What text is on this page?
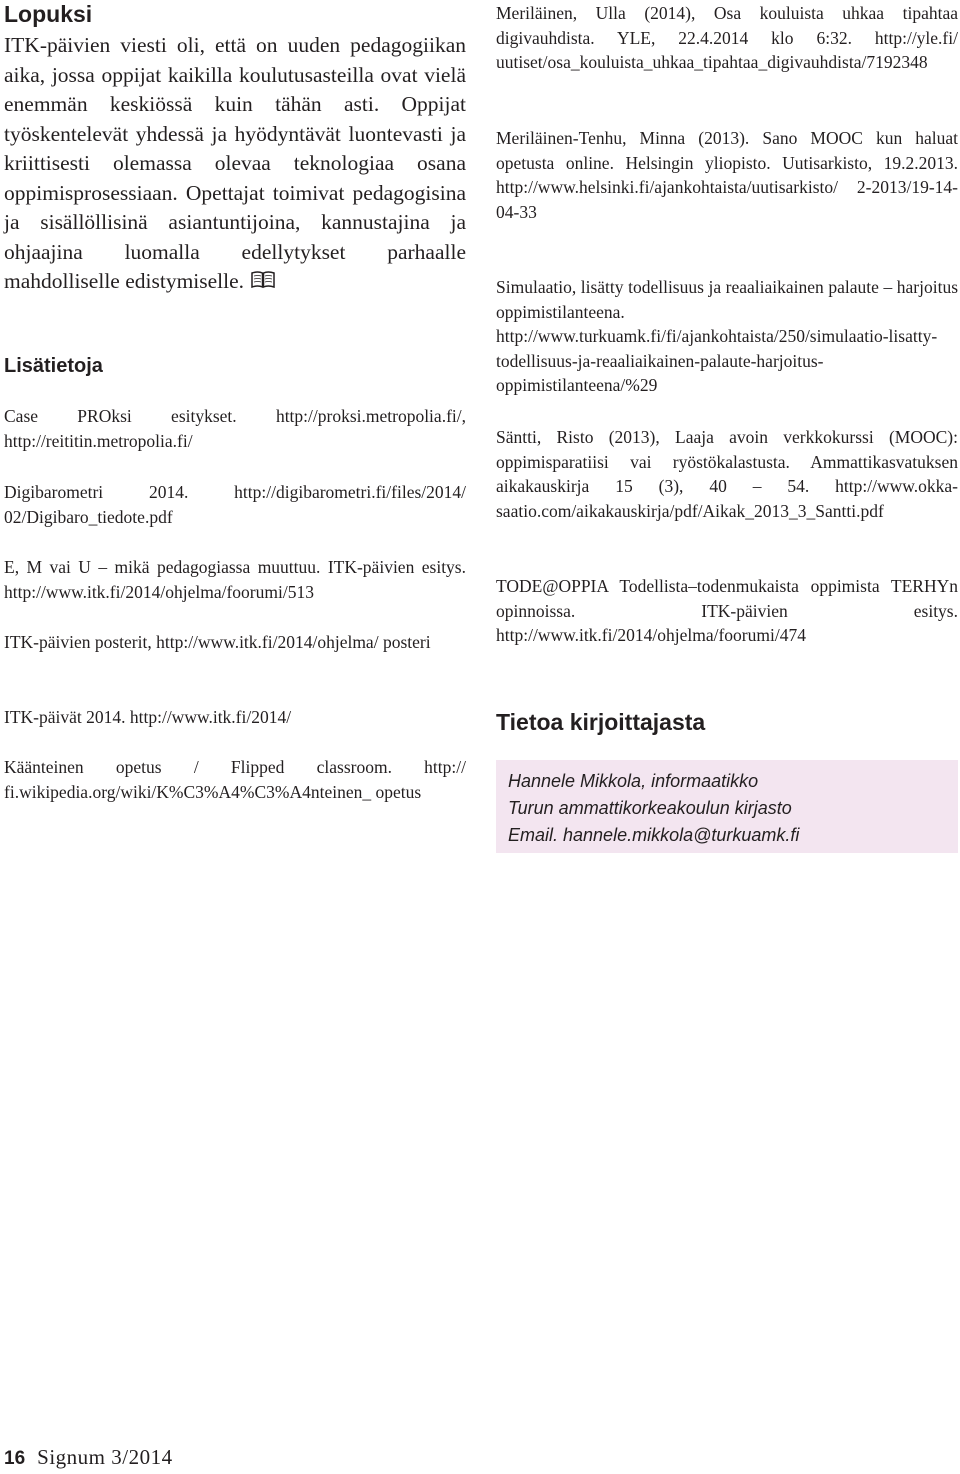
Lopuksi

ITK-päivien viesti oli, että on uuden pedagogiikan aika, jossa oppijat kaikilla koulutusasteilla ovat vielä enemmän keskiössä kuin tähän asti. Oppijat työskentelevät yhdessä ja hyödyntävät luontevasti ja kriittisesti olemassa olevaa teknologiaa osana oppimisprosessiaan. Opettajat toimivat pedagogisina ja sisällöllisinä asiantuntijoina, kannustajina ja ohjaajina luomalla edellytykset parhaalle mahdolliselle edistymiselle.

Lisätietoja

Case PROksi esitykset. http://proksi.metropolia.fi/, http://reititin.metropolia.fi/

Digibarometri 2014. http://digibarometri.fi/files/2014/ 02/Digibaro_tiedote.pdf

E, M vai U – mikä pedagogiassa muuttuu. ITK-päivien esitys. http://www.itk.fi/2014/ohjelma/foorumi/513

ITK-päivien posterit, http://www.itk.fi/2014/ohjelma/ posteri

ITK-päivät 2014. http://www.itk.fi/2014/

Käänteinen opetus / Flipped classroom. http:// fi.wikipedia.org/wiki/K%C3%A4%C3%A4nteinen_ opetus

Meriläinen, Ulla (2014), Osa kouluista uhkaa tipahtaa digivauhdista. YLE, 22.4.2014 klo 6:32. http://yle.fi/ uutiset/osa_kouluista_uhkaa_tipahtaa_digivauhdista/7192348

Meriläinen-Tenhu, Minna (2013). Sano MOOC kun haluat opetusta online. Helsingin yliopisto. Uutisarkisto, 19.2.2013. http://www.helsinki.fi/ajankohtaista/uutisarkisto/ 2-2013/19-14-04-33

Simulaatio, lisätty todellisuus ja reaaliaikainen palaute – harjoitus oppimistilanteena. http://www.turkuamk.fi/fi/ajankohtaista/250/simulaatio-lisatty-todellisuus-ja-reaaliaikainen-palaute-harjoitus-oppimistilanteena/%29

Säntti, Risto (2013), Laaja avoin verkkokurssi (MOOC): oppimisparatiisi vai ryöstökalastusta. Ammattikasvatuksen aikakauskirja 15 (3), 40 – 54. http://www.okka-saatio.com/aikakauskirja/pdf/Aikak_2013_3_Santti.pdf

TODE@OPPIA Todellista–todenmukaista oppimista TERHYn opinnoissa. ITK-päivien esitys. http://www.itk.fi/2014/ohjelma/foorumi/474

Tietoa kirjoittajasta

Hannele Mikkola, informaatikko

Turun ammattikorkeakoulun kirjasto

Email. hannele.mikkola@turkuamk.fi

16 Signum 3/2014
